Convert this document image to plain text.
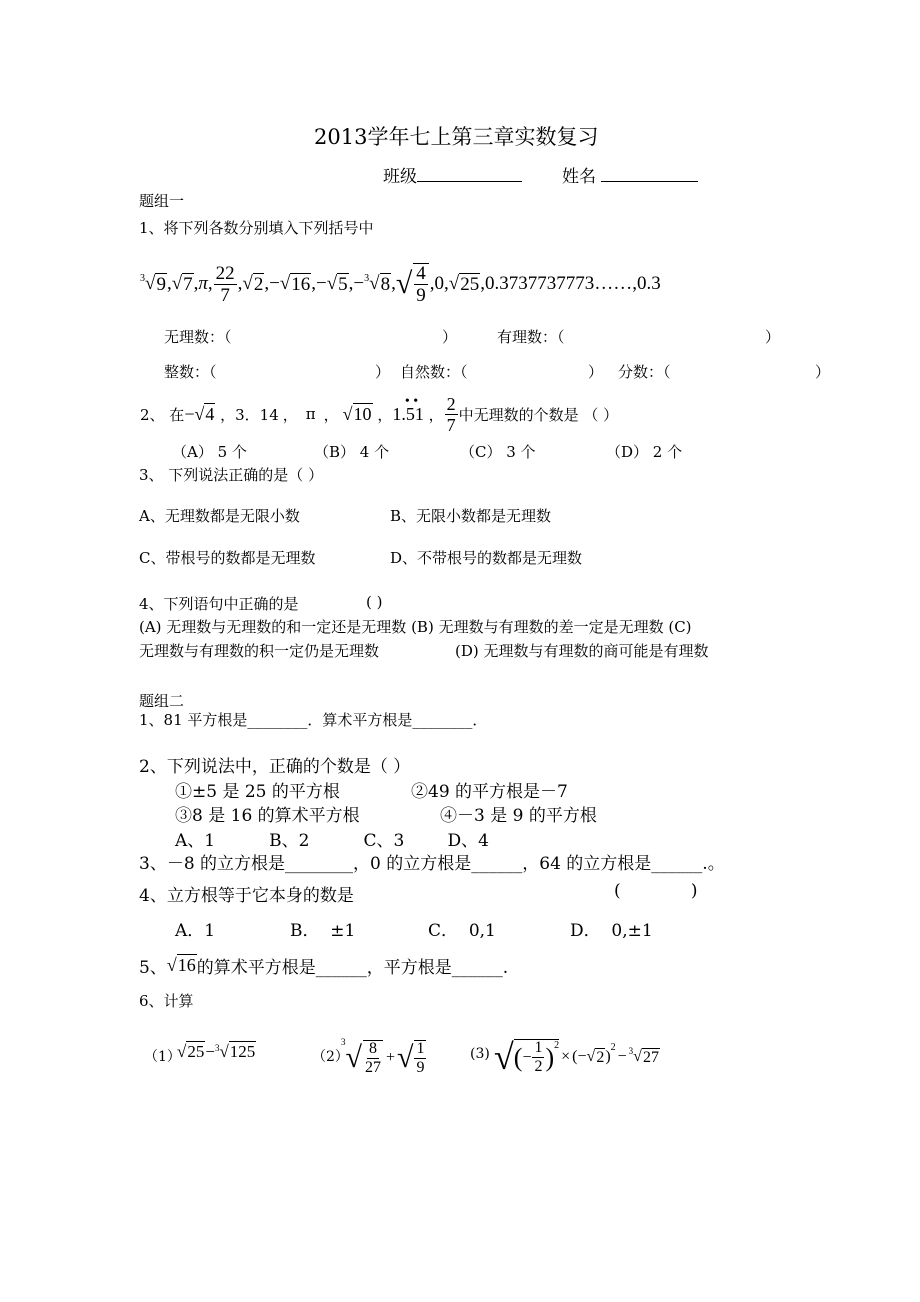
2013学年七上第三章实数复习
班级	姓名
题组一
1、将下列各数分别填入下列括号中
3 √ 9 , √ 7 , π , $\frac{22}{7}$ , √ 2 ,− √ 16 ,− √ 5 ,− 3 √ 8 , √ $\frac{4}{9} ,0$, √ 25 , 0.3737737773……,0.3
无理数：（	）	有理数：（	）
整数：（	） 自然数：（	） 分数：（	）
2、 在 −√4 ， 3．14 ， π ， √10 ， 1.51
• •
， $\frac{2}{7}$ 中无理数的个数是 （ ）
（A） 5 个	（B） 4 个	（C） 3 个	（D） 2 个
3、 下列说法正确的是（ ）
A、无理数都是无限小数	B、无限小数都是无理数
C、带根号的数都是无理数	D、不带根号的数都是无理数
4、下列语句中正确的是	( )
(A) 无理数与无理数的和一定还是无理数 (B) 无理数与有理数的差一定是无理数 (C)
无理数与有理数的积一定仍是无理数	(D) 无理数与有理数的商可能是有理数
题组二
1、81 平方根是________．算术平方根是________．
2、下列说法中，正确的个数是（ ）
①±5 是 25 的平方根	②49 的平方根是－7
③8 是 16 的算术平方根	④－3 是 9 的平方根
A、1          B、2          C、3        D、4
3、－8 的立方根是________，0 的立方根是______，64 的立方根是______.。
4、立方根等于它本身的数是	(             )
A．1	B．  ±1	C．  0,1	D．  0,±1
5、 √16 的算术平方根是______，平方根是______.
6、计算
（1）
√25−$^3$√125	（2）
3 √ $\frac{8}{27}$ + √ $\frac{1}{9}$	(3) √ ( − $\frac{1}{2}$ ) 2
× (−√ 2 )
2
− 3 √ 27
